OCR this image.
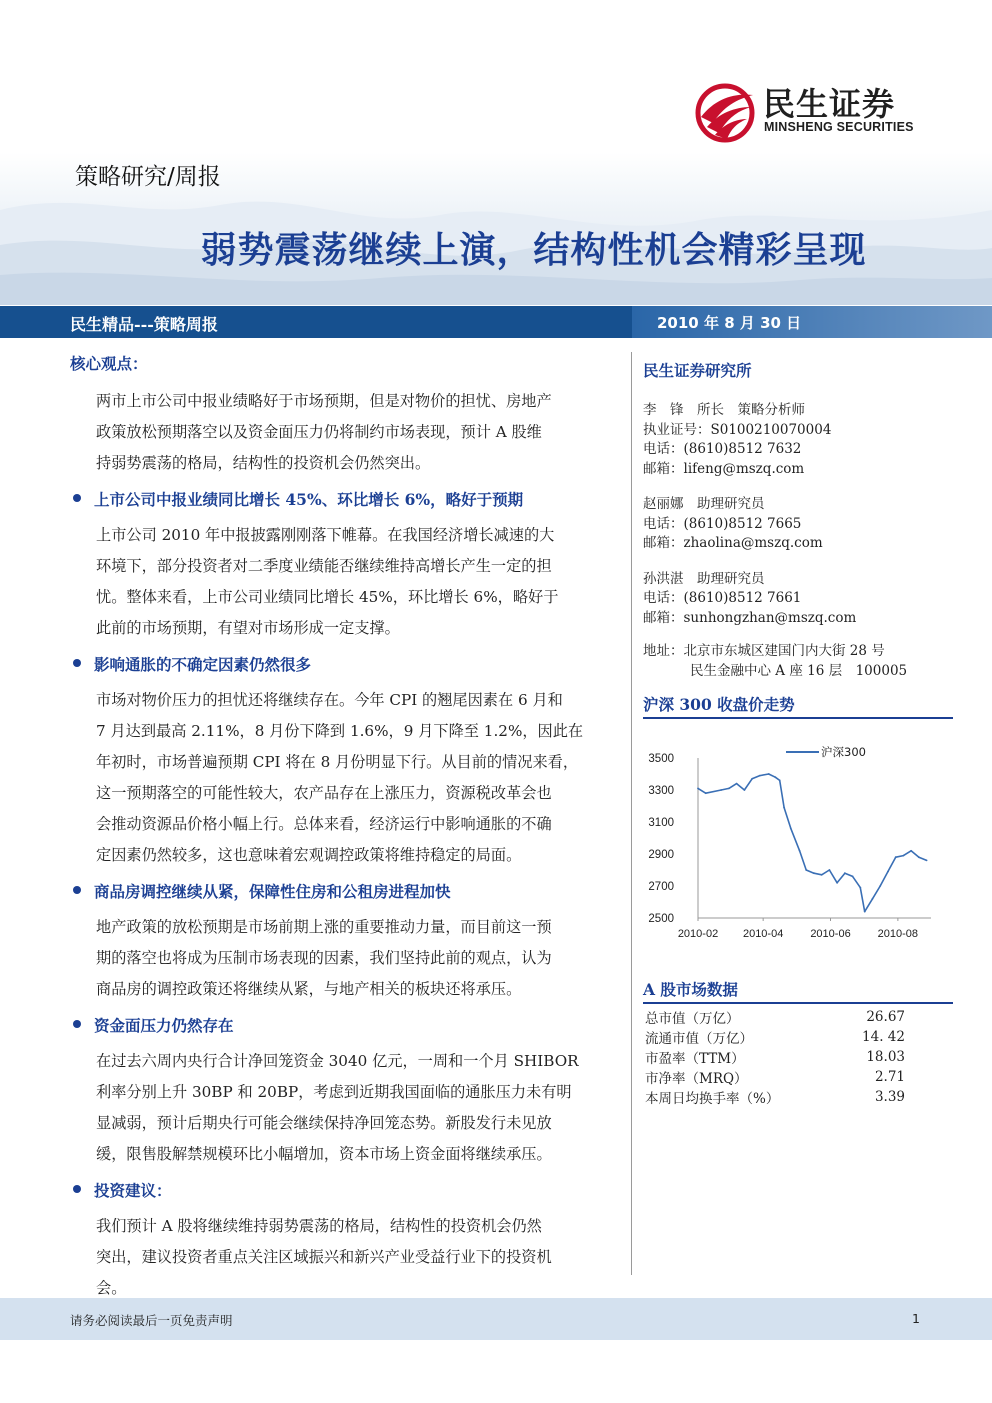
民生证券
MINSHENG SECURITIES
策略研究/周报
弱势震荡继续上演，结构性机会精彩呈现
民生精品---策略周报	2010 年 8 月 30 日
核心观点：
两市上市公司中报业绩略好于市场预期，但是对物价的担忧、房地产
政策放松预期落空以及资金面压力仍将制约市场表现，预计 A 股维
持弱势震荡的格局，结构性的投资机会仍然突出。
上市公司中报业绩同比增长 45%、环比增长 6%，略好于预期
上市公司 2010 年中报披露刚刚落下帷幕。在我国经济增长减速的大
环境下，部分投资者对二季度业绩能否继续维持高增长产生一定的担
忧。整体来看，上市公司业绩同比增长 45%，环比增长 6%，略好于
此前的市场预期，有望对市场形成一定支撑。
影响通胀的不确定因素仍然很多
市场对物价压力的担忧还将继续存在。今年 CPI 的翘尾因素在 6 月和
7 月达到最高 2.11%，8 月份下降到 1.6%，9 月下降至 1.2%，因此在
年初时，市场普遍预期 CPI 将在 8 月份明显下行。从目前的情况来看，
这一预期落空的可能性较大，农产品存在上涨压力，资源税改革会也
会推动资源品价格小幅上行。总体来看，经济运行中影响通胀的不确
定因素仍然较多，这也意味着宏观调控政策将维持稳定的局面。
商品房调控继续从紧，保障性住房和公租房进程加快
地产政策的放松预期是市场前期上涨的重要推动力量，而目前这一预
期的落空也将成为压制市场表现的因素，我们坚持此前的观点，认为
商品房的调控政策还将继续从紧，与地产相关的板块还将承压。
资金面压力仍然存在
在过去六周内央行合计净回笼资金 3040 亿元，一周和一个月 SHIBOR
利率分别上升 30BP 和 20BP，考虑到近期我国面临的通胀压力未有明
显减弱，预计后期央行可能会继续保持净回笼态势。新股发行未见放
缓，限售股解禁规模环比小幅增加，资本市场上资金面将继续承压。
投资建议：
我们预计 A 股将继续维持弱势震荡的格局，结构性的投资机会仍然
突出，建议投资者重点关注区域振兴和新兴产业受益行业下的投资机
会。
民生证券研究所
李　锋　所长　策略分析师
执业证号：S0100210070004
电话：(8610)8512 7632
邮箱：lifeng@mszq.com
赵丽娜　助理研究员
电话：(8610)8512 7665
邮箱：zhaolina@mszq.com
孙洪湛　助理研究员
电话：(8610)8512 7661
邮箱：sunhongzhan@mszq.com
地址：北京市东城区建国门内大街 28 号
民生金融中心 A 座 16 层　100005
沪深 300 收盘价走势
3500
3300
3100
2900
2700
2500
2010-02 2010-04 2010-06 2010-08
沪深300
A 股市场数据
总市值（万亿）	26.67
流通市值（万亿）	14. 42
市盈率（TTM）	18.03
市净率（MRQ）	2.71
本周日均换手率（%）	3.39
请务必阅读最后一页免责声明	1
